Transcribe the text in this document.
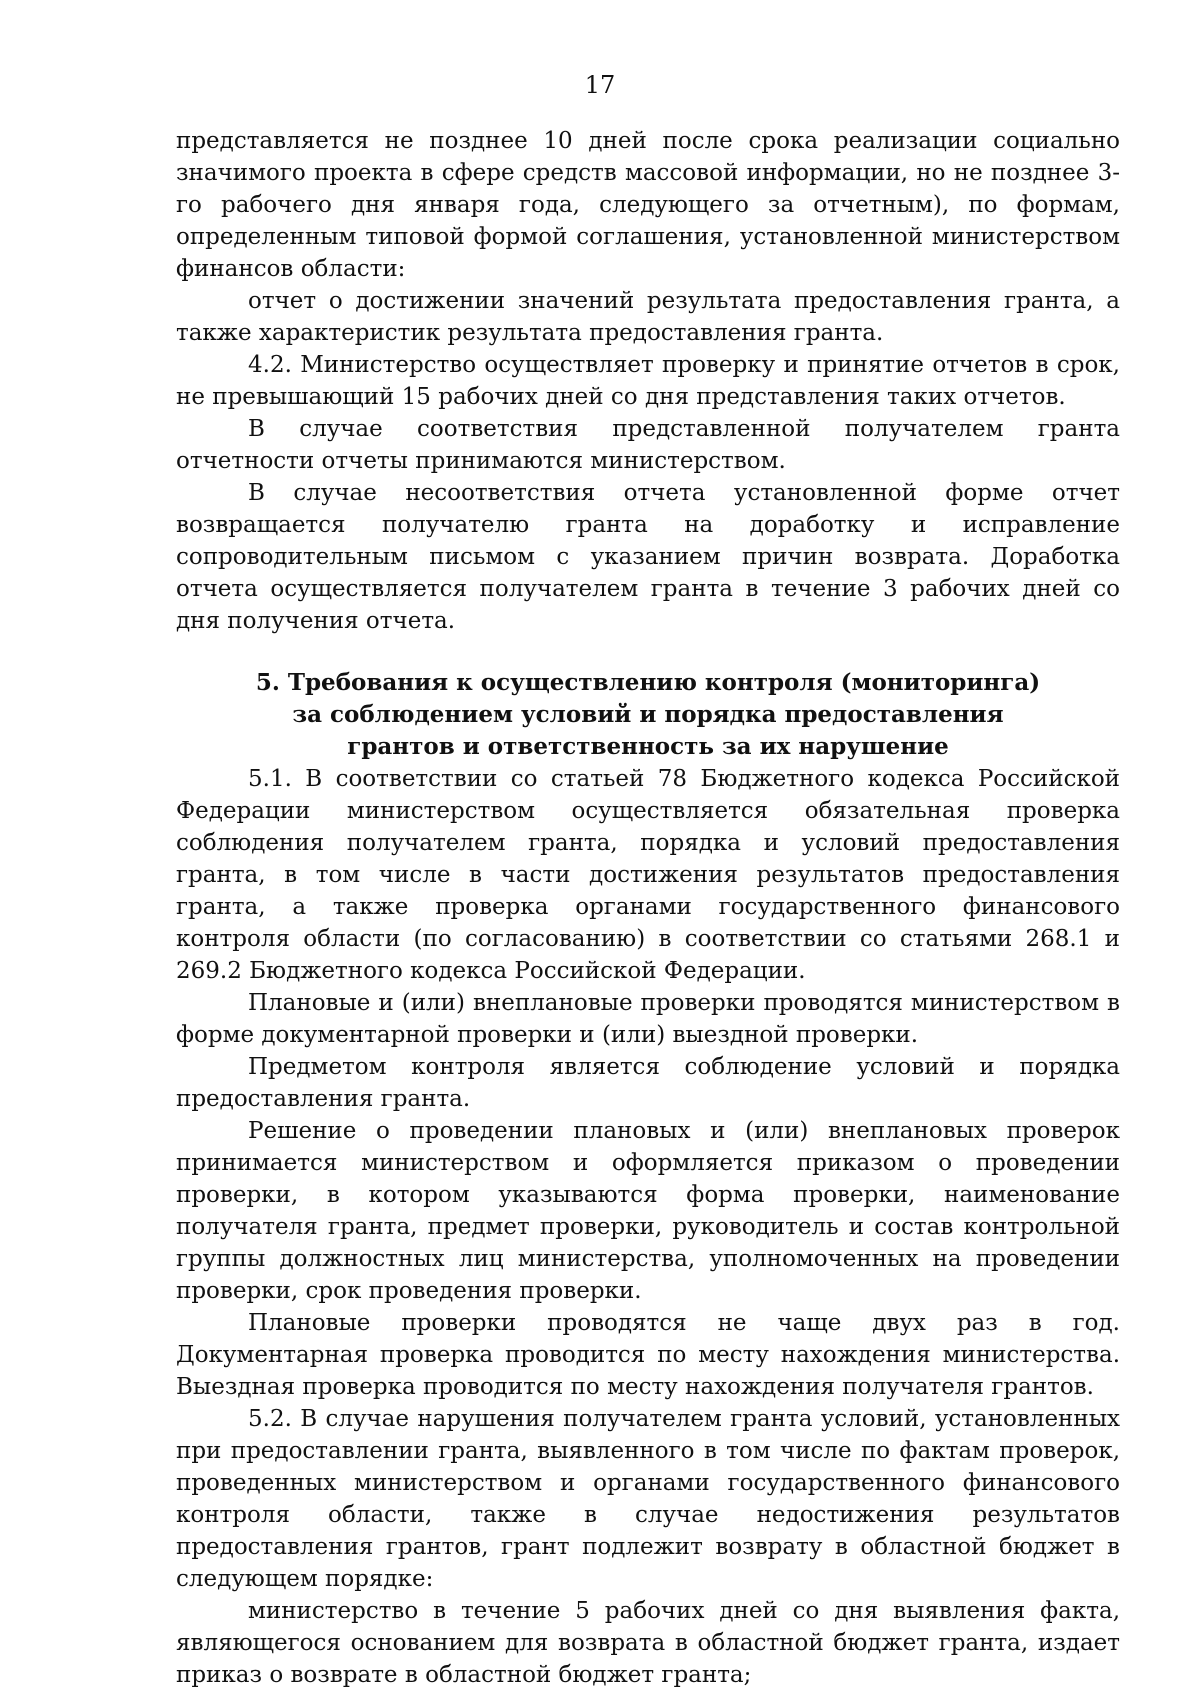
17

представляется не позднее 10 дней после срока реализации социально значимого проекта в сфере средств массовой информации, но не позднее 3-го рабочего дня января года, следующего за отчетным), по формам, определенным типовой формой соглашения, установленной министерством финансов области:

отчет о достижении значений результата предоставления гранта, а также характеристик результата предоставления гранта.

4.2. Министерство осуществляет проверку и принятие отчетов в срок, не превышающий 15 рабочих дней со дня представления таких отчетов.

В случае соответствия представленной получателем гранта отчетности отчеты принимаются министерством.

В случае несоответствия отчета установленной форме отчет возвращается получателю гранта на доработку и исправление сопроводительным письмом с указанием причин возврата. Доработка отчета осуществляется получателем гранта в течение 3 рабочих дней со дня получения отчета.

5. Требования к осуществлению контроля (мониторинга)
за соблюдением условий и порядка предоставления
грантов и ответственность за их нарушение

5.1. В соответствии со статьей 78 Бюджетного кодекса Российской Федерации министерством осуществляется обязательная проверка соблюдения получателем гранта, порядка и условий предоставления гранта, в том числе в части достижения результатов предоставления гранта, а также проверка органами государственного финансового контроля области (по согласованию) в соответствии со статьями 268.1 и 269.2 Бюджетного кодекса Российской Федерации.

Плановые и (или) внеплановые проверки проводятся министерством в форме документарной проверки и (или) выездной проверки.

Предметом контроля является соблюдение условий и порядка предоставления гранта.

Решение о проведении плановых и (или) внеплановых проверок принимается министерством и оформляется приказом о проведении проверки, в котором указываются форма проверки, наименование получателя гранта, предмет проверки, руководитель и состав контрольной группы должностных лиц министерства, уполномоченных на проведении проверки, срок проведения проверки.

Плановые проверки проводятся не чаще двух раз в год. Документарная проверка проводится по месту нахождения министерства. Выездная проверка проводится по месту нахождения получателя грантов.

5.2. В случае нарушения получателем гранта условий, установленных при предоставлении гранта, выявленного в том числе по фактам проверок, проведенных министерством и органами государственного финансового контроля области, также в случае недостижения результатов предоставления грантов, грант подлежит возврату в областной бюджет в следующем порядке:

министерство в течение 5 рабочих дней со дня выявления факта, являющегося основанием для возврата в областной бюджет гранта, издает приказ о возврате в областной бюджет гранта;
